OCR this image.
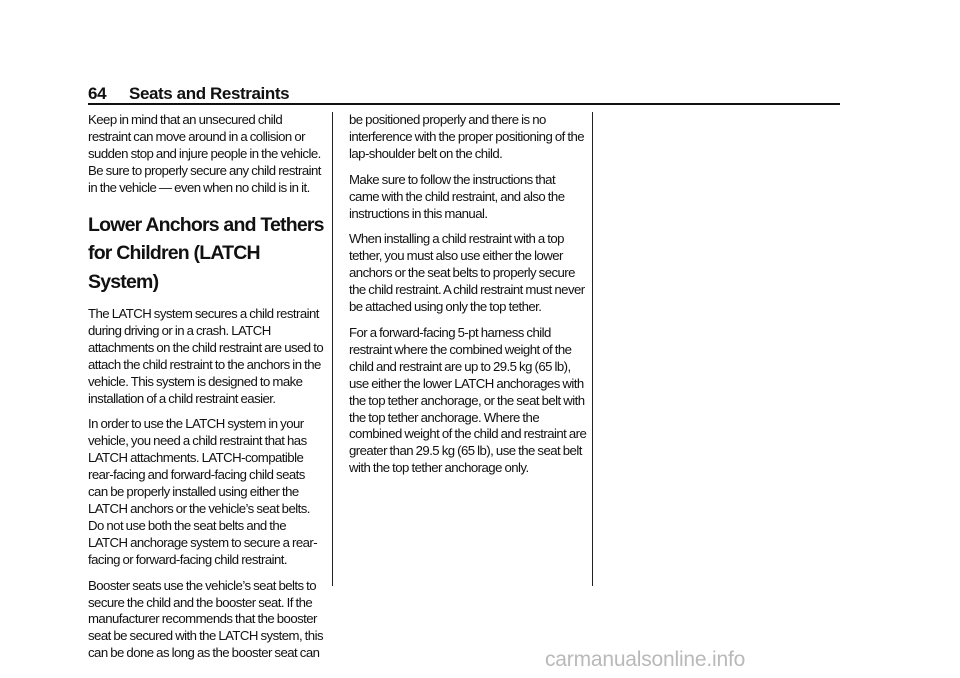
64 Seats and Restraints

Keep in mind that an unsecured child restraint can move around in a collision or sudden stop and injure people in the vehicle. Be sure to properly secure any child restraint in the vehicle — even when no child is in it.

Lower Anchors and Tethers for Children (LATCH System)

The LATCH system secures a child restraint during driving or in a crash. LATCH attachments on the child restraint are used to attach the child restraint to the anchors in the vehicle. This system is designed to make installation of a child restraint easier.

In order to use the LATCH system in your vehicle, you need a child restraint that has LATCH attachments. LATCH-compatible rear-facing and forward-facing child seats can be properly installed using either the LATCH anchors or the vehicle’s seat belts. Do not use both the seat belts and the LATCH anchorage system to secure a rear-facing or forward-facing child restraint.

Booster seats use the vehicle’s seat belts to secure the child and the booster seat. If the manufacturer recommends that the booster seat be secured with the LATCH system, this can be done as long as the booster seat can

be positioned properly and there is no interference with the proper positioning of the lap-shoulder belt on the child.

Make sure to follow the instructions that came with the child restraint, and also the instructions in this manual.

When installing a child restraint with a top tether, you must also use either the lower anchors or the seat belts to properly secure the child restraint. A child restraint must never be attached using only the top tether.

For a forward-facing 5-pt harness child restraint where the combined weight of the child and restraint are up to 29.5 kg (65 lb), use either the lower LATCH anchorages with the top tether anchorage, or the seat belt with the top tether anchorage. Where the combined weight of the child and restraint are greater than 29.5 kg (65 lb), use the seat belt with the top tether anchorage only.

carmanualsonline.info
